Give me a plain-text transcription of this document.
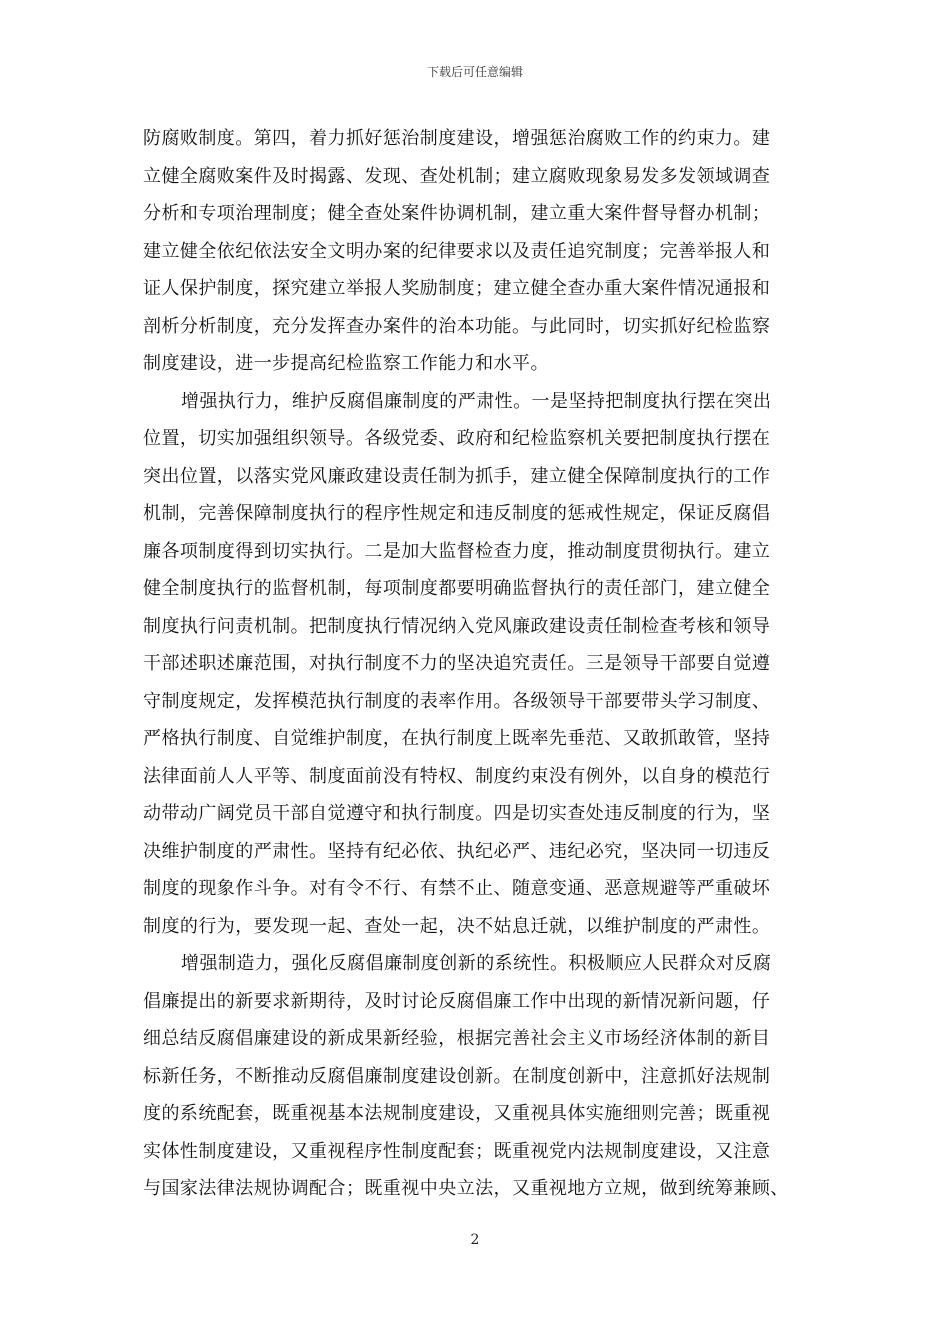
下载后可任意编辑
防腐败制度。第四，着力抓好惩治制度建设，增强惩治腐败工作的约束力。建
立健全腐败案件及时揭露、发现、查处机制；建立腐败现象易发多发领域调查
分析和专项治理制度；健全查处案件协调机制，建立重大案件督导督办机制；
建立健全依纪依法安全文明办案的纪律要求以及责任追究制度；完善举报人和
证人保护制度，探究建立举报人奖励制度；建立健全查办重大案件情况通报和
剖析分析制度，充分发挥查办案件的治本功能。与此同时，切实抓好纪检监察
制度建设，进一步提高纪检监察工作能力和水平。
增强执行力，维护反腐倡廉制度的严肃性。一是坚持把制度执行摆在突出
位置，切实加强组织领导。各级党委、政府和纪检监察机关要把制度执行摆在
突出位置，以落实党风廉政建设责任制为抓手，建立健全保障制度执行的工作
机制，完善保障制度执行的程序性规定和违反制度的惩戒性规定，保证反腐倡
廉各项制度得到切实执行。二是加大监督检查力度，推动制度贯彻执行。建立
健全制度执行的监督机制，每项制度都要明确监督执行的责任部门，建立健全
制度执行问责机制。把制度执行情况纳入党风廉政建设责任制检查考核和领导
干部述职述廉范围，对执行制度不力的坚决追究责任。三是领导干部要自觉遵
守制度规定，发挥模范执行制度的表率作用。各级领导干部要带头学习制度、
严格执行制度、自觉维护制度，在执行制度上既率先垂范、又敢抓敢管，坚持
法律面前人人平等、制度面前没有特权、制度约束没有例外，以自身的模范行
动带动广阔党员干部自觉遵守和执行制度。四是切实查处违反制度的行为，坚
决维护制度的严肃性。坚持有纪必依、执纪必严、违纪必究，坚决同一切违反
制度的现象作斗争。对有令不行、有禁不止、随意变通、恶意规避等严重破坏
制度的行为，要发现一起、查处一起，决不姑息迁就，以维护制度的严肃性。
增强制造力，强化反腐倡廉制度创新的系统性。积极顺应人民群众对反腐
倡廉提出的新要求新期待，及时讨论反腐倡廉工作中出现的新情况新问题，仔
细总结反腐倡廉建设的新成果新经验，根据完善社会主义市场经济体制的新目
标新任务，不断推动反腐倡廉制度建设创新。在制度创新中，注意抓好法规制
度的系统配套，既重视基本法规制度建设，又重视具体实施细则完善；既重视
实体性制度建设，又重视程序性制度配套；既重视党内法规制度建设，又注意
与国家法律法规协调配合；既重视中央立法，又重视地方立规，做到统筹兼顾、
2
